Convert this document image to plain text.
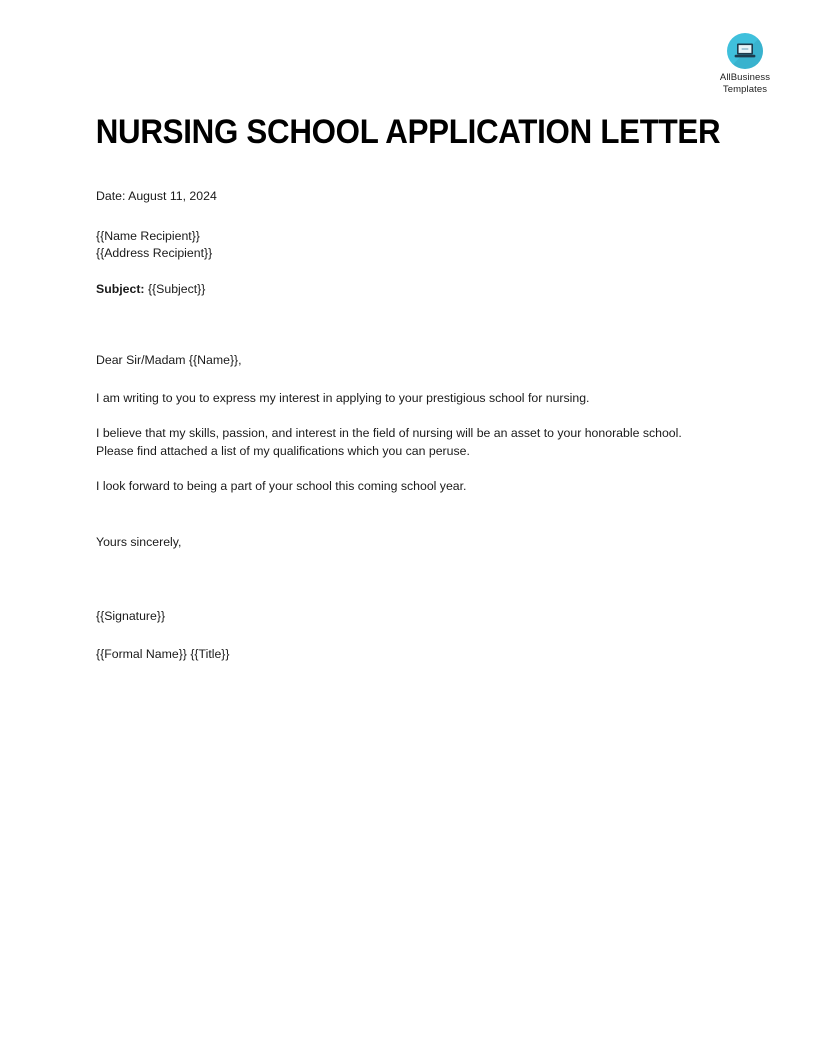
AllBusiness
Templates
NURSING SCHOOL APPLICATION LETTER

Date: August 11, 2024

{{Name Recipient}}

{{Address Recipient}}

Subject: {{Subject}}

Dear Sir/Madam {{Name}},

I am writing to you to express my interest in applying to your prestigious school for nursing.

I believe that my skills, passion, and interest in the field of nursing will be an asset to your honorable school. Please find attached a list of my qualifications which you can peruse.

I look forward to being a part of your school this coming school year.

Yours sincerely,

{{Signature}}

{{Formal Name}} {{Title}}
